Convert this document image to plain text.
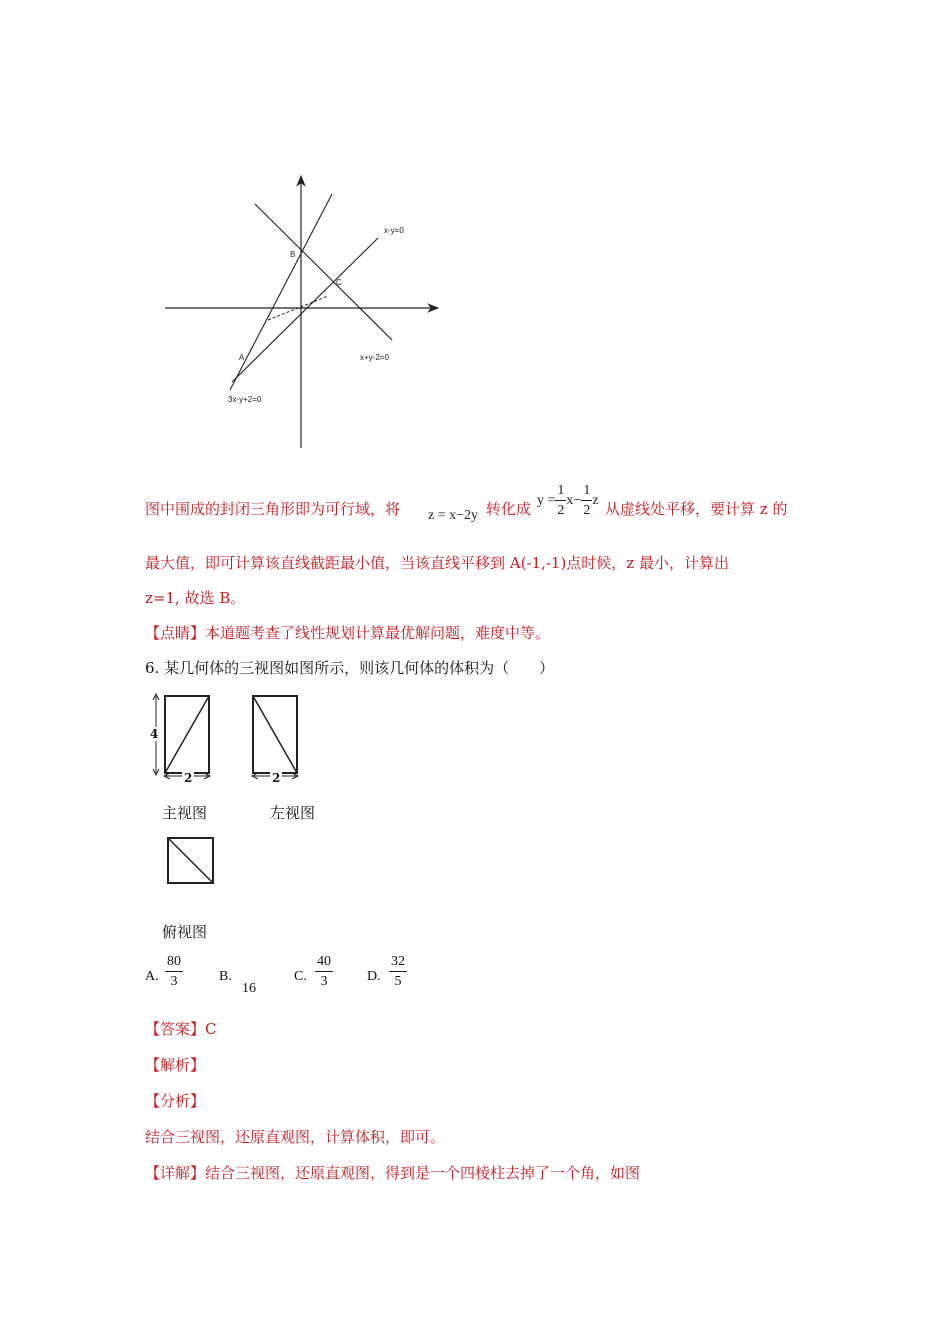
x-y=0
x+y-2=0
3x-y+2=0
A
B
C
图中围成的封闭三角形即为可行域，将 z = x−2y 转化成 $y = \frac{1}{2} x- \frac{1}{2}$ z 从虚线处平移，要计算 z 的
最大值，即可计算该直线截距最小值，当该直线平移到 A(-1,-1)点时候，z 最小，计算出
z=1, 故选 B。
【点睛】本道题考查了线性规划计算最优解问题，难度中等。
6. 某几何体的三视图如图所示，则该几何体的体积为（　　）
4
2	2
主视图	左视图
俯视图
A. $\frac{80}{3}$	B.
16
C. $\frac{40}{3} D$. $\frac{32}{5}$
【答案】C
【解析】
【分析】
结合三视图，还原直观图，计算体积，即可。
【详解】结合三视图，还原直观图，得到是一个四棱柱去掉了一个角，如图
